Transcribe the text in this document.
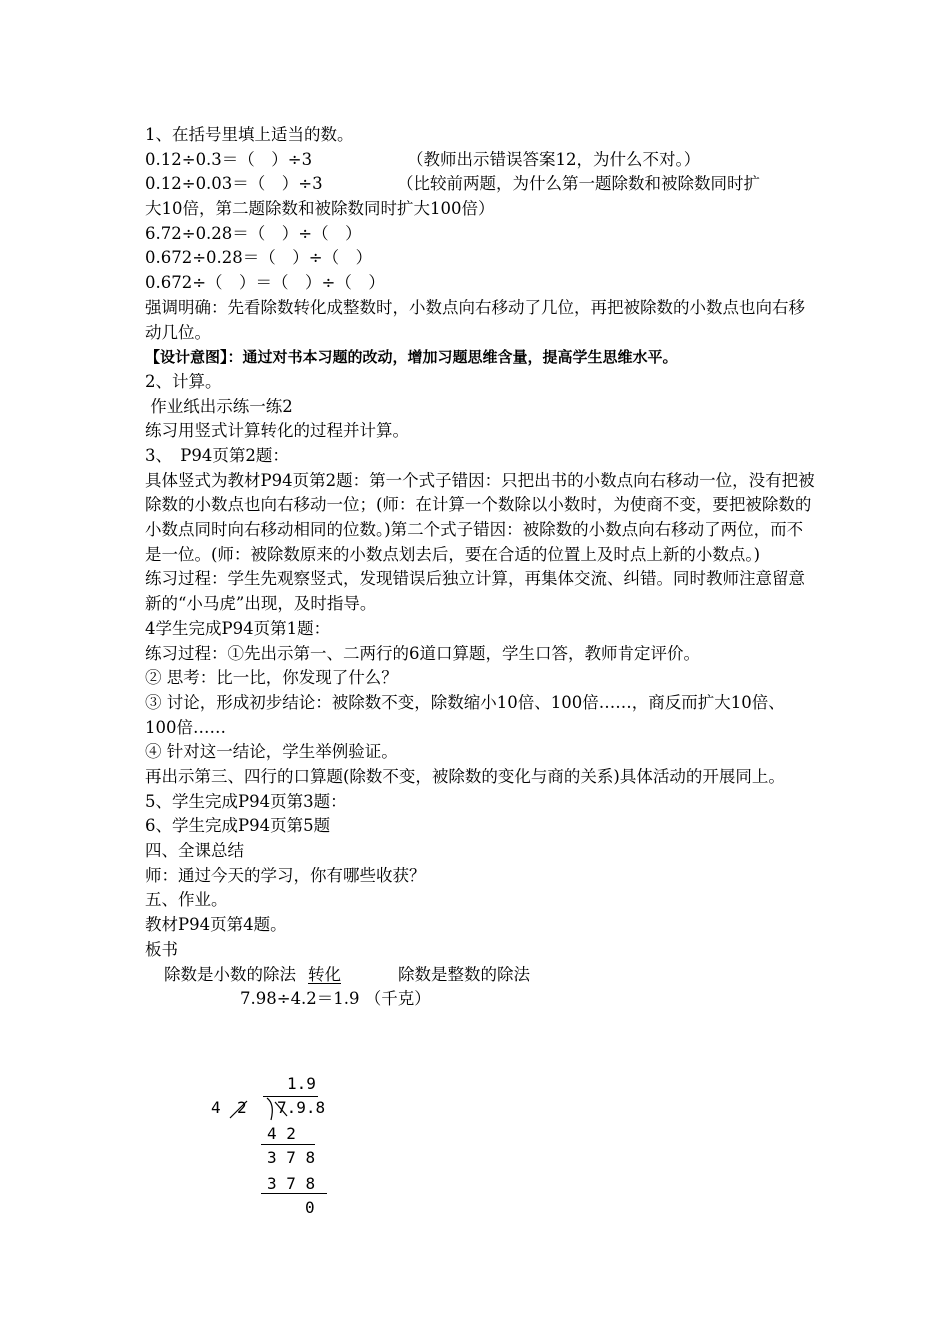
1、在括号里填上适当的数。
0.12÷0.3＝（　）÷3	（教师出示错误答案12，为什么不对。）
0.12÷0.03＝（　）÷3	（比较前两题，为什么第一题除数和被除数同时扩
大10倍，第二题除数和被除数同时扩大100倍）
6.72÷0.28＝（　）÷（　）
0.672÷0.28＝（　）÷（　）
0.672÷（　）＝（　）÷（　）
强调明确：先看除数转化成整数时，小数点向右移动了几位，再把被除数的小数点也向右移动几位。
【设计意图】：通过对书本习题的改动，增加习题思维含量，提高学生思维水平。
2、计算。
作业纸出示练一练2
练习用竖式计算转化的过程并计算。
3、　P94页第2题：
具体竖式为教材P94页第2题：第一个式子错因：只把出书的小数点向右移动一位，没有把被除数的小数点也向右移动一位；(师：在计算一个数除以小数时，为使商不变，要把被除数的小数点同时向右移动相同的位数。)第二个式子错因：被除数的小数点向右移动了两位，而不是一位。(师：被除数原来的小数点划去后，要在合适的位置上及时点上新的小数点。)
练习过程：学生先观察竖式，发现错误后独立计算，再集体交流、纠错。同时教师注意留意新的“小马虎”出现，及时指导。
4学生完成P94页第1题：
练习过程：①先出示第一、二两行的6道口算题，学生口答，教师肯定评价。
② 思考：比一比，你发现了什么？
③ 讨论，形成初步结论：被除数不变，除数缩小10倍、100倍……，商反而扩大10倍、100倍……
④ 针对这一结论，学生举例验证。
再出示第三、四行的口算题(除数不变，被除数的变化与商的关系)具体活动的开展同上。
5、学生完成P94页第3题：
6、学生完成P94页第5题
四、全课总结
师：通过今天的学习，你有哪些收获？
五、作业。
教材P94页第4题。
板书
除数是小数的除法 转化	除数是整数的除法
7.98÷4.2＝1.9 （千克）
1.9
4 2 7.9.8
4 2
3 7 8
3 7 8
0
